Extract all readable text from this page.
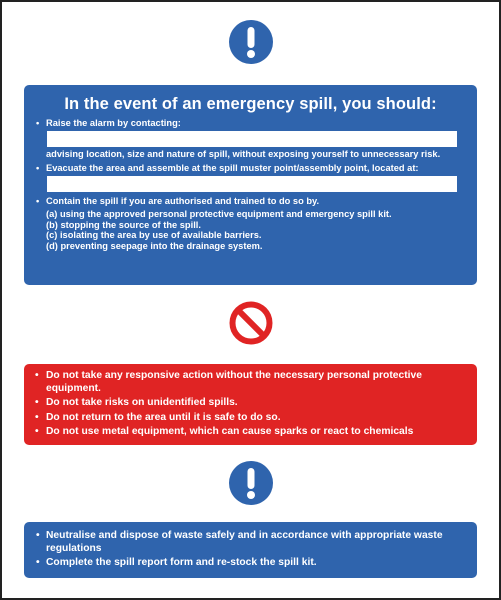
In the event of an emergency spill, you should:
• Raise the alarm by contacting:
advising location, size and nature of spill, without exposing yourself to unnecessary risk.
• Evacuate the area and assemble at the spill muster point/assembly point, located at:
• Contain the spill if you are authorised and trained to do so by.
(a) using the approved personal protective equipment and emergency spill kit.
(b) stopping the source of the spill.
(c) isolating the area by use of available barriers.
(d) preventing seepage into the drainage system.
• Do not take any responsive action without the necessary personal protective equipment.
• Do not take risks on unidentified spills.
• Do not return to the area until it is safe to do so.
• Do not use metal equipment, which can cause sparks or react to chemicals
• Neutralise and dispose of waste safely and in accordance with appropriate waste regulations
• Complete the spill report form and re-stock the spill kit.
